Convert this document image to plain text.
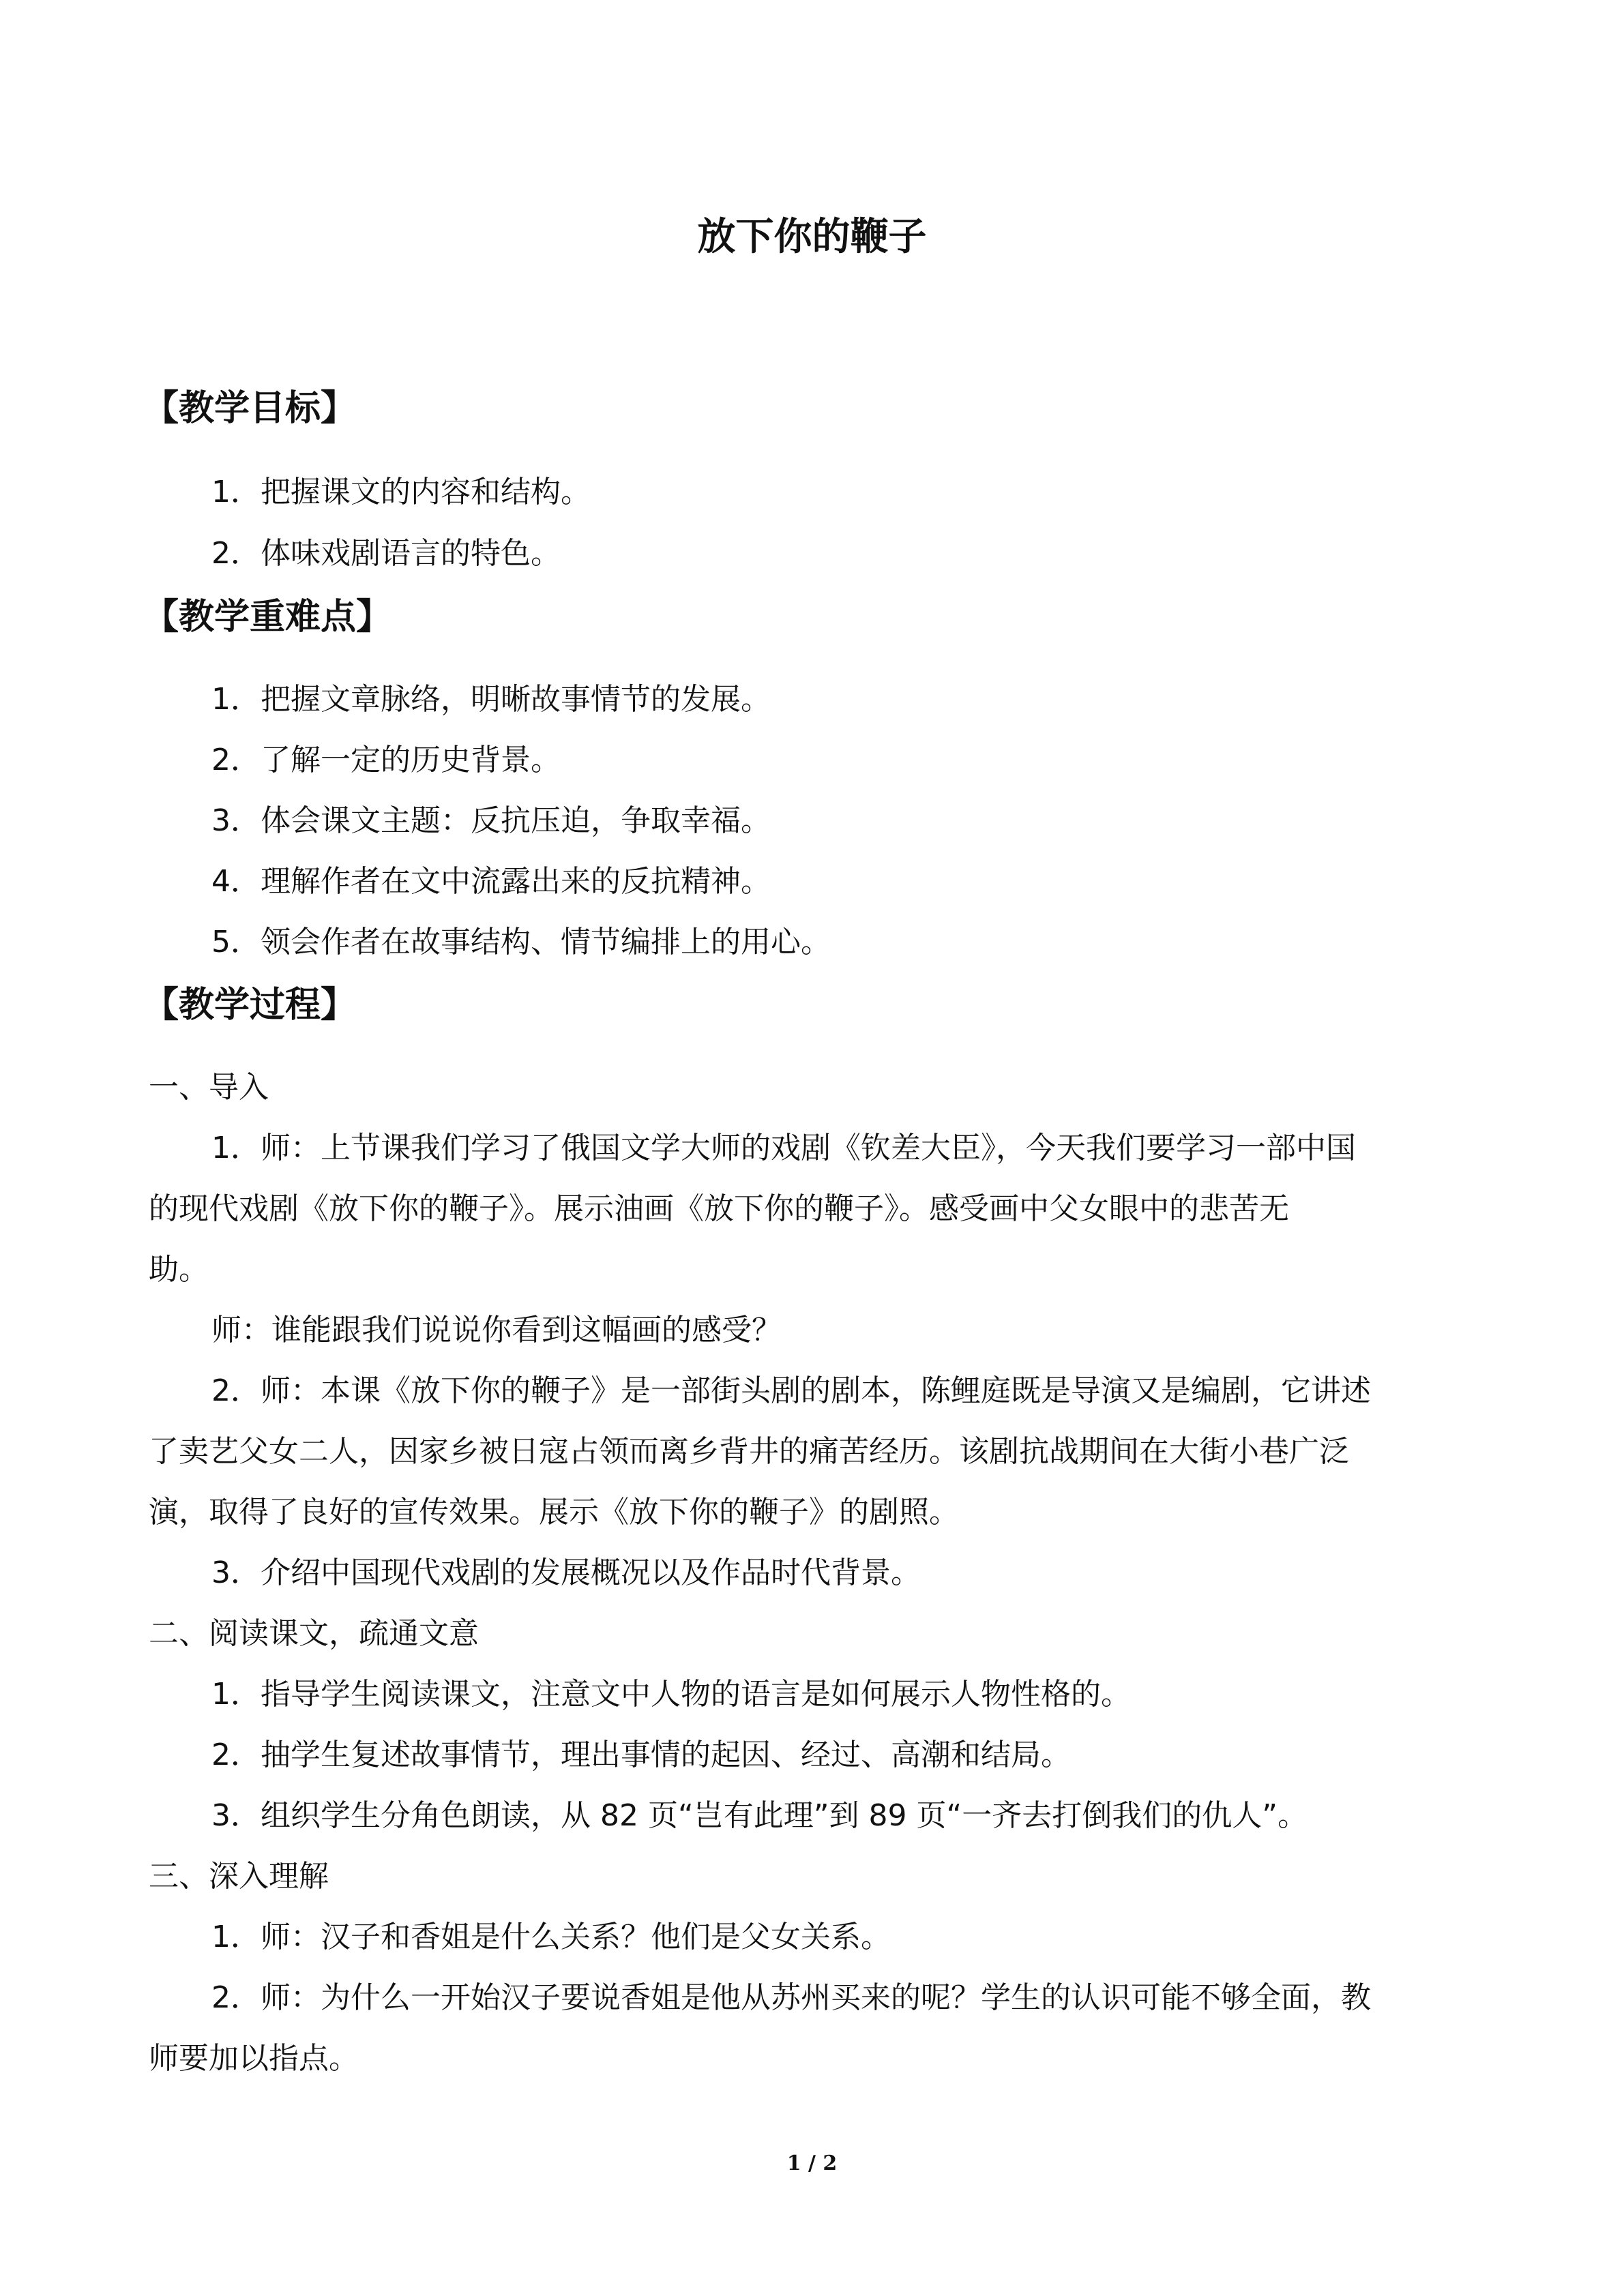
放下你的鞭子
【教学目标】
1．把握课文的内容和结构。
2．体味戏剧语言的特色。
【教学重难点】
1．把握文章脉络，明晰故事情节的发展。
2．了解一定的历史背景。
3．体会课文主题：反抗压迫，争取幸福。
4．理解作者在文中流露出来的反抗精神。
5．领会作者在故事结构、情节编排上的用心。
【教学过程】
一、导入
1．师：上节课我们学习了俄国文学大师的戏剧《钦差大臣》，今天我们要学习一部中国
的现代戏剧《放下你的鞭子》。展示油画《放下你的鞭子》。感受画中父女眼中的悲苦无
助。
师：谁能跟我们说说你看到这幅画的感受？
2．师：本课《放下你的鞭子》是一部街头剧的剧本，陈鲤庭既是导演又是编剧，它讲述
了卖艺父女二人，因家乡被日寇占领而离乡背井的痛苦经历。该剧抗战期间在大街小巷广泛
演，取得了良好的宣传效果。展示《放下你的鞭子》的剧照。
3．介绍中国现代戏剧的发展概况以及作品时代背景。
二、阅读课文，疏通文意
1．指导学生阅读课文，注意文中人物的语言是如何展示人物性格的。
2．抽学生复述故事情节，理出事情的起因、经过、高潮和结局。
3．组织学生分角色朗读，从 82 页“岂有此理”到 89 页“一齐去打倒我们的仇人”。
三、深入理解
1．师：汉子和香姐是什么关系？他们是父女关系。
2．师：为什么一开始汉子要说香姐是他从苏州买来的呢？学生的认识可能不够全面，教
师要加以指点。
1 / 2
